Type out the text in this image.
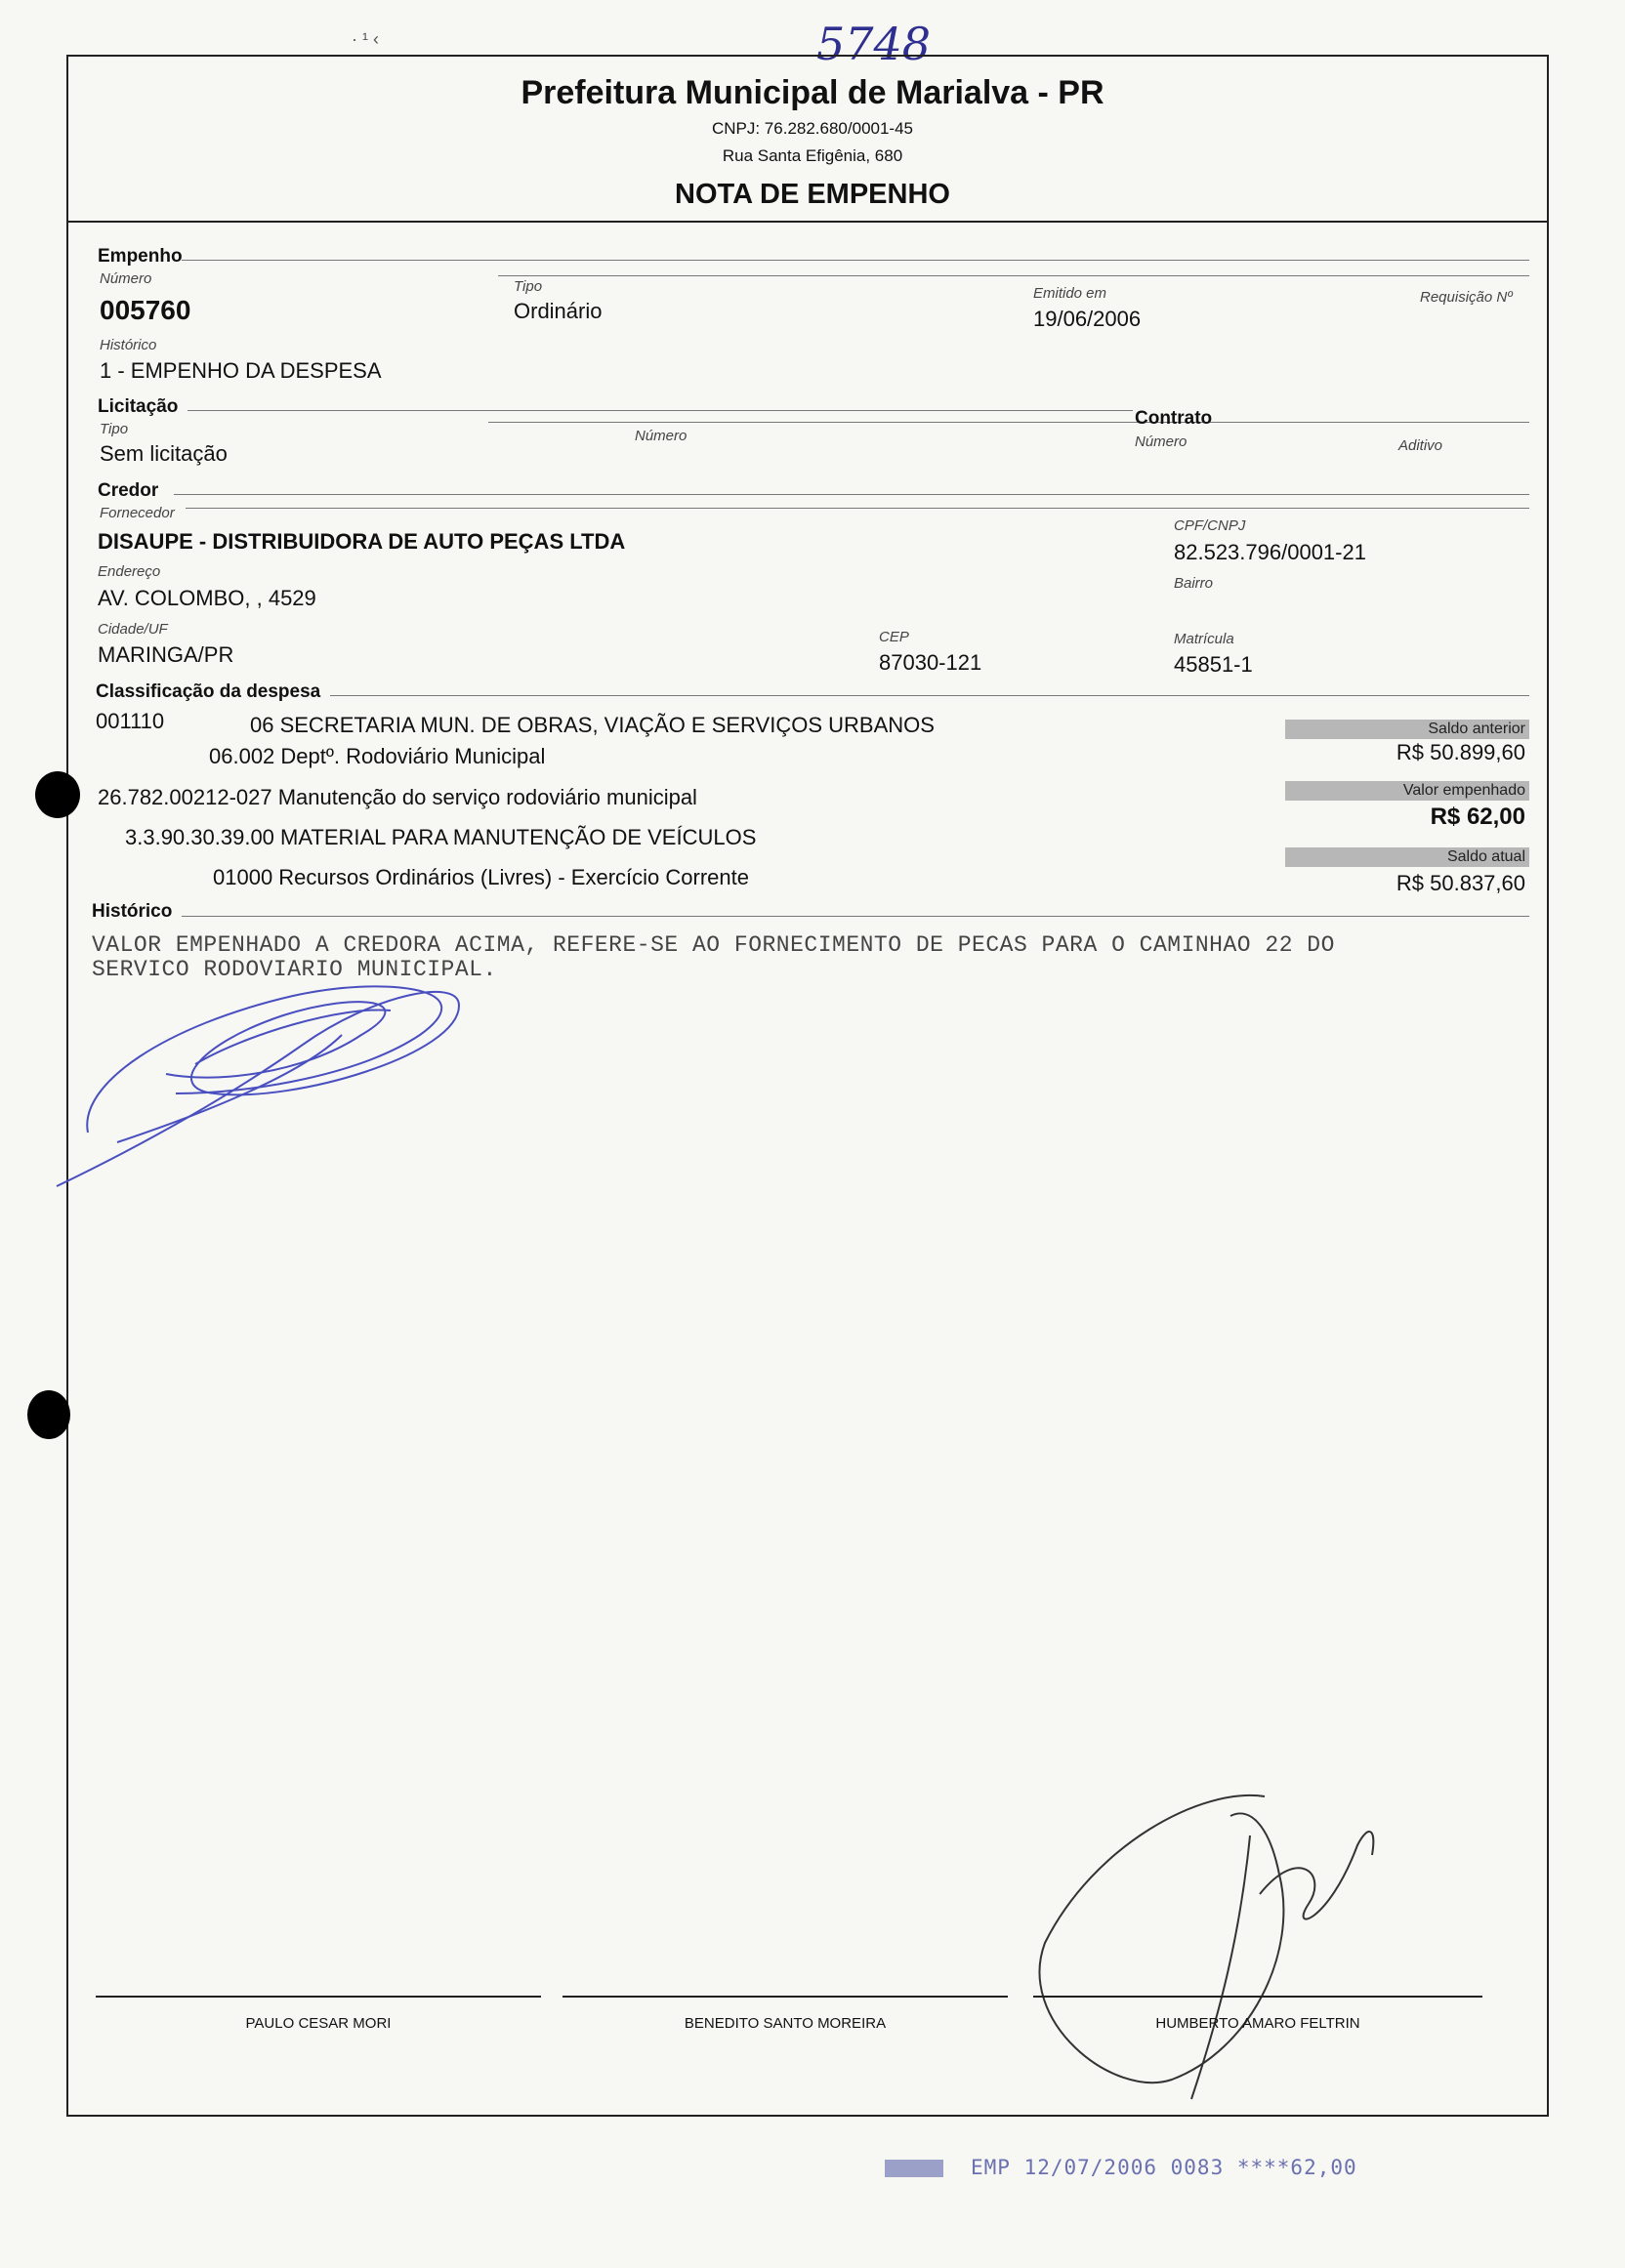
5748
· ¹ ‹
Prefeitura Municipal de Marialva - PR
CNPJ: 76.282.680/0001-45
Rua Santa Efigênia, 680
NOTA DE EMPENHO
Empenho
Número
005760
Tipo
Ordinário
Emitido em
19/06/2006
Requisição Nº
Histórico
1 - EMPENHO DA DESPESA
Licitação
Tipo
Sem licitação
Número
Contrato
Número	Aditivo
Credor
Fornecedor
DISAUPE - DISTRIBUIDORA DE AUTO PEÇAS LTDA
CPF/CNPJ
82.523.796/0001-21
Endereço
AV. COLOMBO, , 4529
Bairro
Cidade/UF
MARINGA/PR
CEP
87030-121
Matrícula
45851-1
Classificação da despesa
001110	06 SECRETARIA MUN. DE OBRAS, VIAÇÃO E SERVIÇOS URBANOS
06.002 Deptº. Rodoviário Municipal
26.782.00212-027 Manutenção do serviço rodoviário municipal
3.3.90.30.39.00 MATERIAL PARA MANUTENÇÃO DE VEÍCULOS
01000 Recursos Ordinários (Livres) - Exercício Corrente
Saldo anterior
R$ 50.899,60
Valor empenhado
R$ 62,00
Saldo atual
R$ 50.837,60
Histórico
VALOR EMPENHADO A CREDORA ACIMA, REFERE-SE AO FORNECIMENTO DE PECAS PARA O CAMINHAO 22 DO
SERVICO RODOVIARIO MUNICIPAL.
PAULO CESAR MORI	BENEDITO SANTO MOREIRA	HUMBERTO AMARO FELTRIN
EMP 12/07/2006 0083 ****62,00
